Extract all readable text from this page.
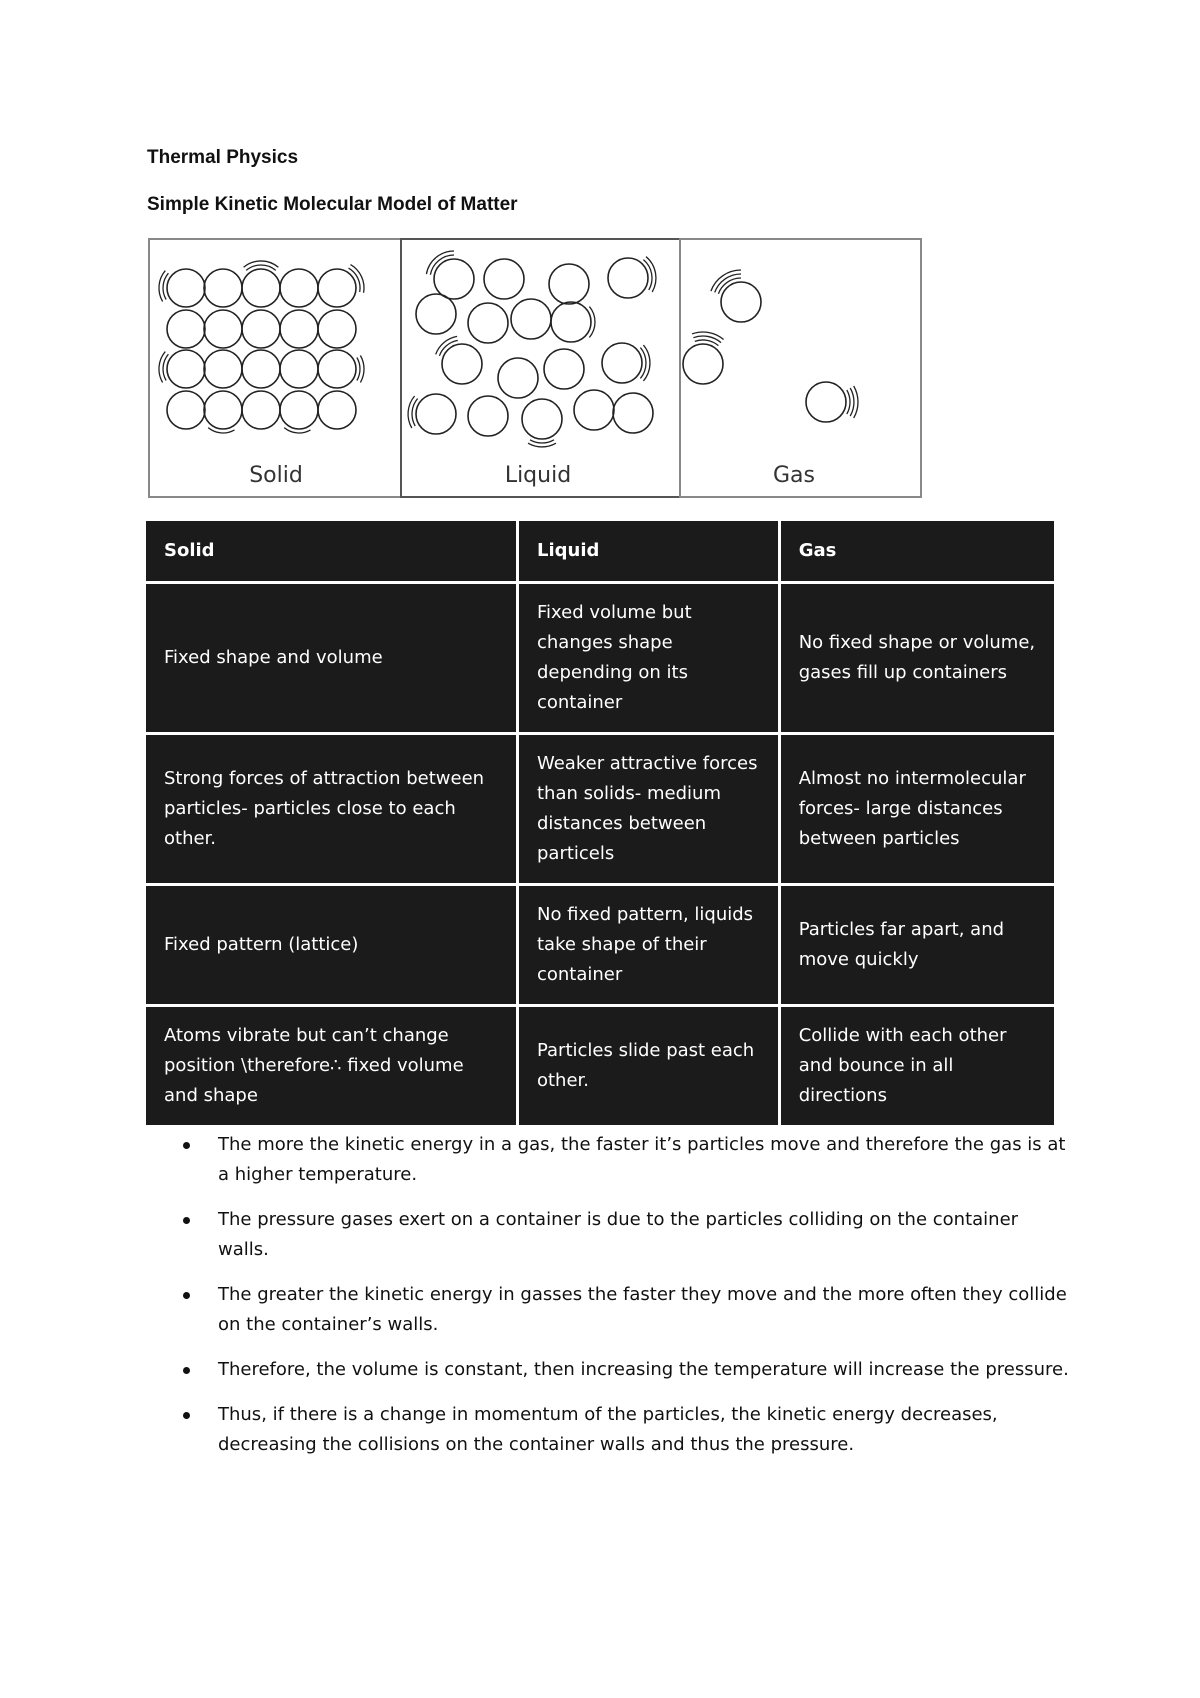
Thermal Physics
Simple Kinetic Molecular Model of Matter
Solid	Liquid	Gas
Solid	Liquid	Gas
Fixed shape and volume	Fixed volume but changes shape depending on its container	No fixed shape or volume, gases fill up containers
Strong forces of attraction between particles- particles close to each other.	Weaker attractive forces than solids- medium distances between particels	Almost no intermolecular forces- large distances between particles
Fixed pattern (lattice)	No fixed pattern, liquids take shape of their container	Particles far apart, and move quickly
Atoms vibrate but can’t change position \therefore∴ fixed volume and shape	Particles slide past each other.	Collide with each other and bounce in all directions
The more the kinetic energy in a gas, the faster it’s particles move and therefore the gas is at a higher temperature.
The pressure gases exert on a container is due to the particles colliding on the container walls.
The greater the kinetic energy in gasses the faster they move and the more often they collide on the container’s walls.
Therefore, the volume is constant, then increasing the temperature will increase the pressure.
Thus, if there is a change in momentum of the particles, the kinetic energy decreases, decreasing the collisions on the container walls and thus the pressure.
